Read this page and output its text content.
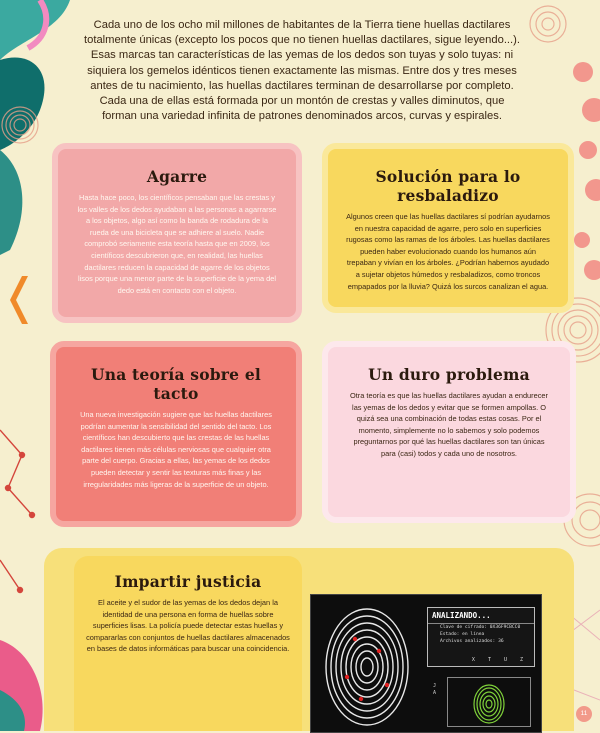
Cada uno de los ocho mil millones de habitantes de la Tierra tiene huellas dactilares totalmente únicas (excepto los pocos que no tienen huellas dactilares, sigue leyendo...). Esas marcas tan características de las yemas de los dedos son tuyas y solo tuyas: ni siquiera los gemelos idénticos tienen exactamente las mismas. Entre dos y tres meses antes de tu nacimiento, las huellas dactilares terminan de desarrollarse por completo. Cada una de ellas está formada por un montón de crestas y valles diminutos, que forman una variedad infinita de patrones denominados arcos, curvas y espirales.

Agarre

Hasta hace poco, los científicos pensaban que las crestas y los valles de los dedos ayudaban a las personas a agarrarse a los objetos, algo así como la banda de rodadura de la rueda de una bicicleta que se adhiere al suelo. Nadie comprobó seriamente esta teoría hasta que en 2009, los científicos descubrieron que, en realidad, las huellas dactilares reducen la capacidad de agarre de los objetos lisos porque una menor parte de la superficie de la yema del dedo está en contacto con el objeto.

Solución para lo resbaladizo

Algunos creen que las huellas dactilares sí podrían ayudarnos en nuestra capacidad de agarre, pero solo en superficies rugosas como las ramas de los árboles. Las huellas dactilares pueden haber evolucionado cuando los humanos aún trepaban y vivían en los árboles. ¿Podrían habernos ayudado a sujetar objetos húmedos y resbaladizos, como troncos empapados por la lluvia? Quizá los surcos canalizan el agua.

Una teoría sobre el tacto

Una nueva investigación sugiere que las huellas dactilares podrían aumentar la sensibilidad del sentido del tacto. Los científicos han descubierto que las crestas de las huellas dactilares tienen más células nerviosas que cualquier otra parte del cuerpo. Gracias a ellas, las yemas de los dedos pueden detectar y sentir las texturas más finas y las irregularidades más ligeras de la superficie de un objeto.

Un duro problema

Otra teoría es que las huellas dactilares ayudan a endurecer las yemas de los dedos y evitar que se formen ampollas. O quizá sea una combinación de todas estas cosas. Por el momento, simplemente no lo sabemos y solo podemos preguntarnos por qué las huellas dactilares son tan únicas para (casi) todos y cada uno de nosotros.

Impartir justicia

El aceite y el sudor de las yemas de los dedos dejan la identidad de una persona en forma de huellas sobre superficies lisas. La policía puede detectar estas huellas y compararlas con conjuntos de huellas dactilares almacenados en bases de datos informáticas para buscar una coincidencia.

ANALIZANDO...
Clave de cifrado: 0X36F9CBCC0
Estado: en línea
Archivos analizados: 36
X T U Z
J
A
11
